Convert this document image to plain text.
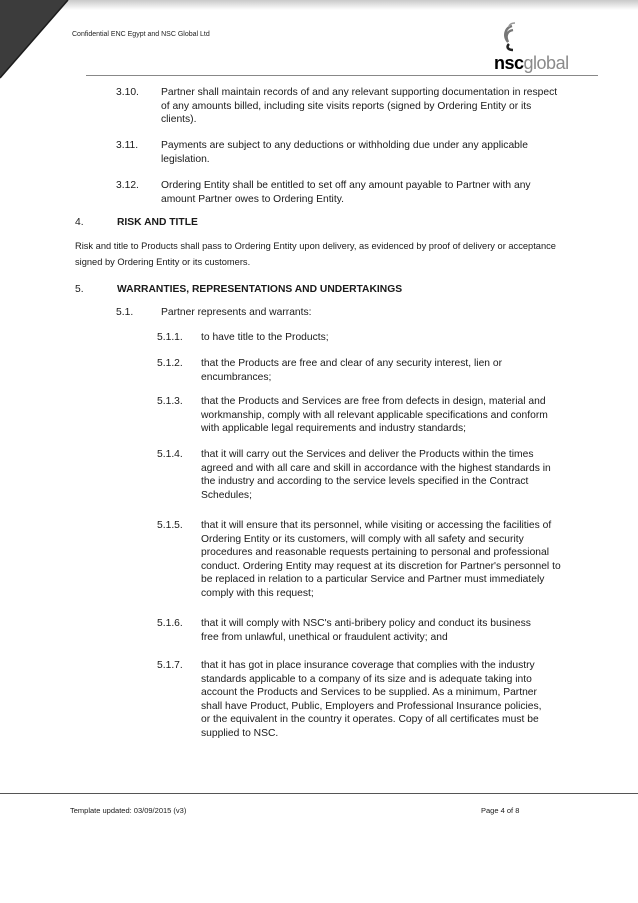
Confidential ENC Egypt and NSC Global Ltd
nscglobal
3.10. Partner shall maintain records of and any relevant supporting documentation in respect of any amounts billed, including site visits reports (signed by Ordering Entity or its clients).
3.11. Payments are subject to any deductions or withholding due under any applicable legislation.
3.12. Ordering Entity shall be entitled to set off any amount payable to Partner with any amount Partner owes to Ordering Entity.
4.	RISK AND TITLE
Risk and title to Products shall pass to Ordering Entity upon delivery, as evidenced by proof of delivery or acceptance signed by Ordering Entity or its customers.
5.	WARRANTIES, REPRESENTATIONS AND UNDERTAKINGS
5.1.	Partner represents and warrants:
5.1.1. to have title to the Products;
5.1.2. that the Products are free and clear of any security interest, lien or encumbrances;
5.1.3. that the Products and Services are free from defects in design, material and workmanship, comply with all relevant applicable specifications and conform with applicable legal requirements and industry standards;
5.1.4. that it will carry out the Services and deliver the Products within the times agreed and with all care and skill in accordance with the highest standards in the industry and according to the service levels specified in the Contract Schedules;
5.1.5. that it will ensure that its personnel, while visiting or accessing the facilities of Ordering Entity or its customers, will comply with all safety and security procedures and reasonable requests pertaining to personal and professional conduct. Ordering Entity may request at its discretion for Partner's personnel to be replaced in relation to a particular Service and Partner must immediately comply with this request;
5.1.6. that it will comply with NSC's anti-bribery policy and conduct its business free from unlawful, unethical or fraudulent activity; and
5.1.7. that it has got in place insurance coverage that complies with the industry standards applicable to a company of its size and is adequate taking into account the Products and Services to be supplied. As a minimum, Partner shall have Product, Public, Employers and Professional Insurance policies, or the equivalent in the country it operates. Copy of all certificates must be supplied to NSC.
Template updated: 03/09/2015 (v3)	Page 4 of 8
